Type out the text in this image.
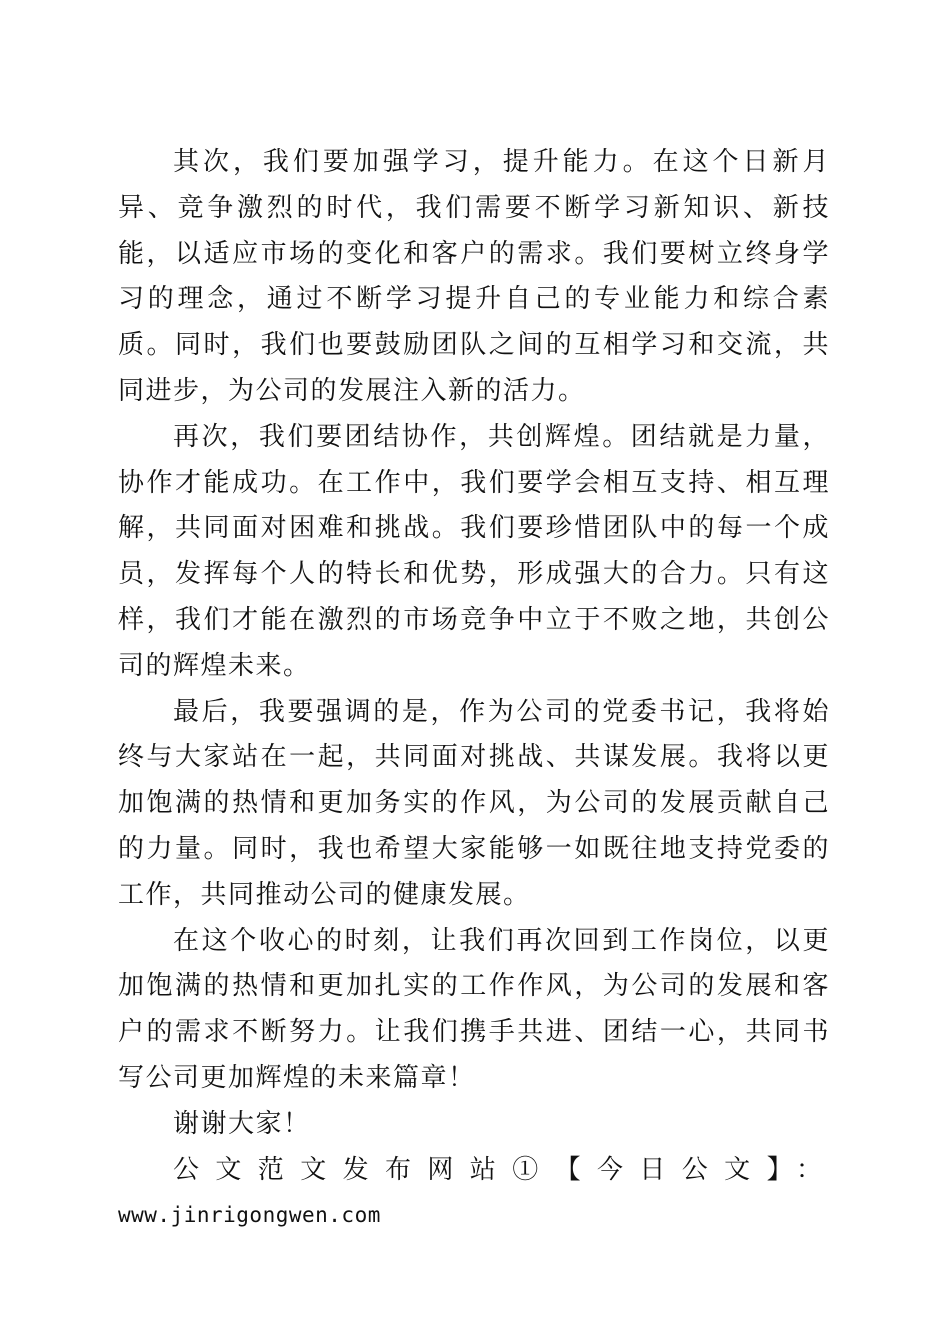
其次，我们要加强学习，提升能力。在这个日新月异、竞争激烈的时代，我们需要不断学习新知识、新技能，以适应市场的变化和客户的需求。我们要树立终身学习的理念，通过不断学习提升自己的专业能力和综合素质。同时，我们也要鼓励团队之间的互相学习和交流，共同进步，为公司的发展注入新的活力。

再次，我们要团结协作，共创辉煌。团结就是力量，协作才能成功。在工作中，我们要学会相互支持、相互理解，共同面对困难和挑战。我们要珍惜团队中的每一个成员，发挥每个人的特长和优势，形成强大的合力。只有这样，我们才能在激烈的市场竞争中立于不败之地，共创公司的辉煌未来。

最后，我要强调的是，作为公司的党委书记，我将始终与大家站在一起，共同面对挑战、共谋发展。我将以更加饱满的热情和更加务实的作风，为公司的发展贡献自己的力量。同时，我也希望大家能够一如既往地支持党委的工作，共同推动公司的健康发展。

在这个收心的时刻，让我们再次回到工作岗位，以更加饱满的热情和更加扎实的工作作风，为公司的发展和客户的需求不断努力。让我们携手共进、团结一心，共同书写公司更加辉煌的未来篇章！

谢谢大家！

公文范文发布网站①【今日公文】：

www.jinrigongwen.com
